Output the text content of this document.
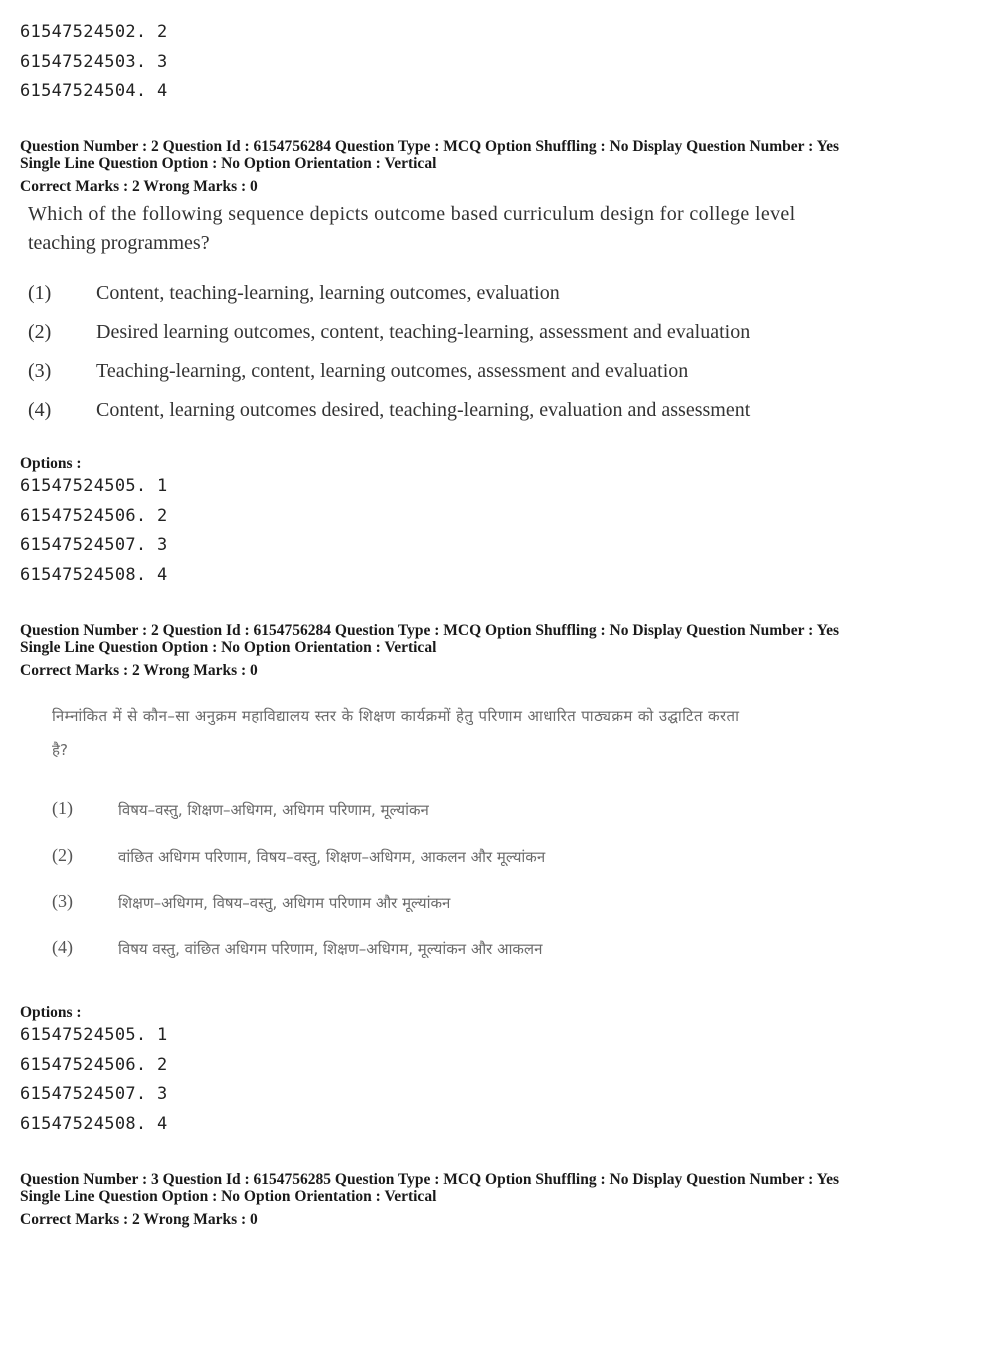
61547524502. 2
61547524503. 3
61547524504. 4
Question Number : 2 Question Id : 6154756284 Question Type : MCQ Option Shuffling : No Display Question Number : Yes
Single Line Question Option : No Option Orientation : Vertical
Correct Marks : 2 Wrong Marks : 0
Which of the following sequence depicts outcome based curriculum design for college level
teaching programmes?
(1) Content, teaching-learning, learning outcomes, evaluation
(2) Desired learning outcomes, content, teaching-learning, assessment and evaluation
(3) Teaching-learning, content, learning outcomes, assessment and evaluation
(4) Content, learning outcomes desired, teaching-learning, evaluation and assessment
Options :
61547524505. 1
61547524506. 2
61547524507. 3
61547524508. 4
Question Number : 2 Question Id : 6154756284 Question Type : MCQ Option Shuffling : No Display Question Number : Yes
Single Line Question Option : No Option Orientation : Vertical
Correct Marks : 2 Wrong Marks : 0
निम्नांकित में से कौन–सा अनुक्रम महाविद्यालय स्तर के शिक्षण कार्यक्रमों हेतु परिणाम आधारित पाठ्यक्रम को उद्घाटित करता
है?
(1)	विषय–वस्तु, शिक्षण–अधिगम, अधिगम परिणाम, मूल्यांकन
(2)	वांछित अधिगम परिणाम, विषय–वस्तु, शिक्षण–अधिगम, आकलन और मूल्यांकन
(3)	शिक्षण–अधिगम, विषय–वस्तु, अधिगम परिणाम और मूल्यांकन
(4)	विषय वस्तु, वांछित अधिगम परिणाम, शिक्षण–अधिगम, मूल्यांकन और आकलन
Options :
61547524505. 1
61547524506. 2
61547524507. 3
61547524508. 4
Question Number : 3 Question Id : 6154756285 Question Type : MCQ Option Shuffling : No Display Question Number : Yes
Single Line Question Option : No Option Orientation : Vertical
Correct Marks : 2 Wrong Marks : 0
